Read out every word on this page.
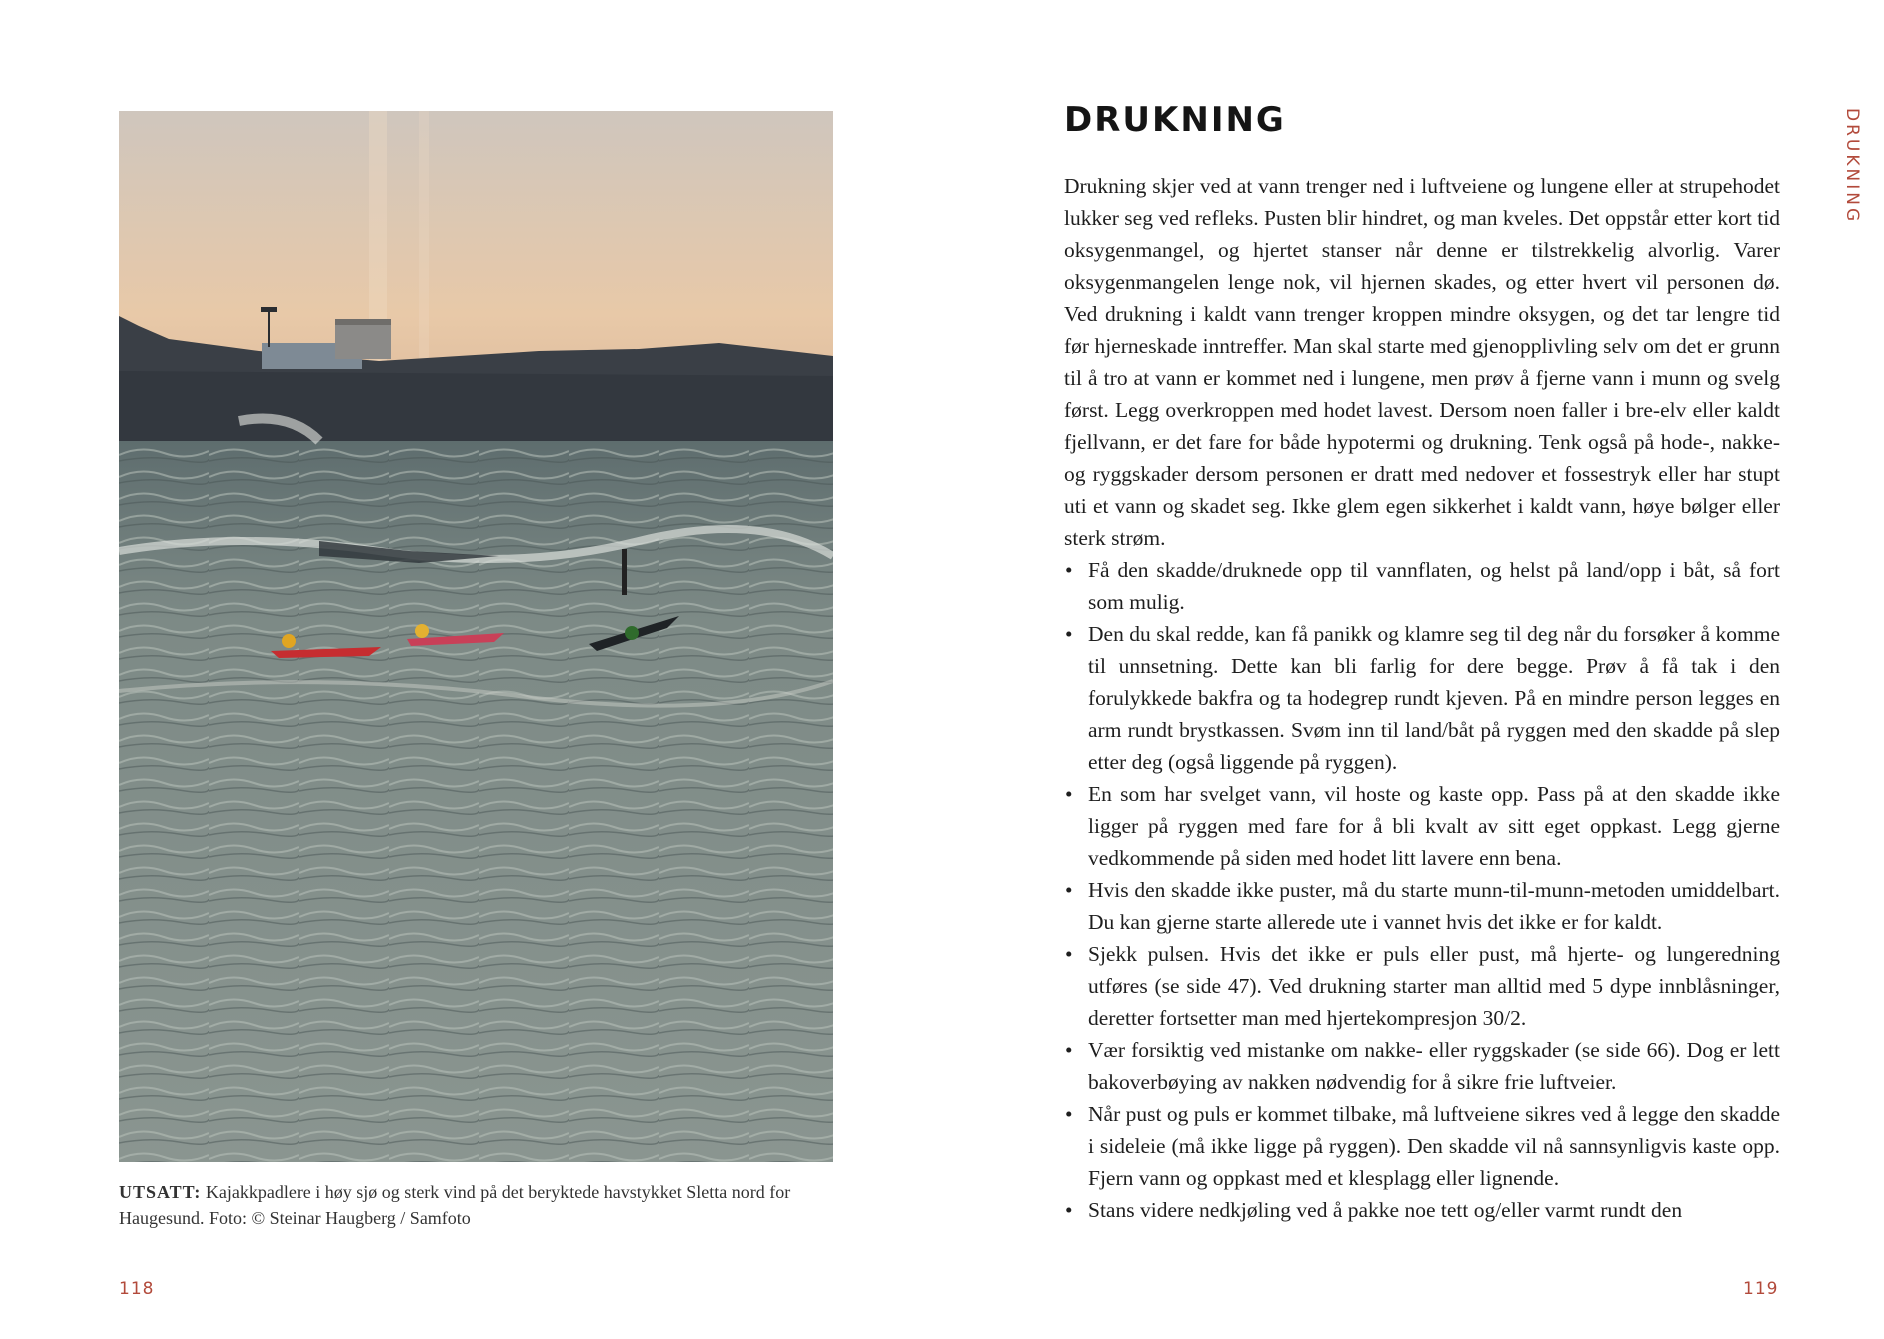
UTSATT: Kajakkpadlere i høy sjø og sterk vind på det beryktede havstykket Sletta nord for Haugesund. Foto: © Steinar Haugberg / Samfoto
118
DRUKNING	DRUKNING

Drukning skjer ved at vann trenger ned i luftveiene og lungene eller at strupehodet lukker seg ved refleks. Pusten blir hindret, og man kveles. Det oppstår etter kort tid oksygenmangel, og hjertet stanser når denne er tilstrekkelig alvorlig. Varer oksygenmangelen lenge nok, vil hjernen skades, og etter hvert vil personen dø. Ved drukning i kaldt vann trenger kroppen mindre oksygen, og det tar lengre tid før hjerneskade inntreffer. Man skal starte med gjenopplivling selv om det er grunn til å tro at vann er kommet ned i lungene, men prøv å fjerne vann i munn og svelg først. Legg overkroppen med hodet lavest. Dersom noen faller i bre-elv eller kaldt fjellvann, er det fare for både hypotermi og drukning. Tenk også på hode-, nakke- og ryggskader dersom personen er dratt med nedover et fossestryk eller har stupt uti et vann og skadet seg. Ikke glem egen sikkerhet i kaldt vann, høye bølger eller sterk strøm.

• Få den skadde/druknede opp til vannflaten, og helst på land/opp i båt, så fort som mulig.
• Den du skal redde, kan få panikk og klamre seg til deg når du forsøker å komme til unnsetning. Dette kan bli farlig for dere begge. Prøv å få tak i den forulykkede bakfra og ta hodegrep rundt kjeven. På en mindre person legges en arm rundt brystkassen. Svøm inn til land/båt på ryggen med den skadde på slep etter deg (også liggende på ryggen).
• En som har svelget vann, vil hoste og kaste opp. Pass på at den skadde ikke ligger på ryggen med fare for å bli kvalt av sitt eget oppkast. Legg gjerne vedkommende på siden med hodet litt lavere enn bena.
• Hvis den skadde ikke puster, må du starte munn-til-munn-metoden umiddelbart. Du kan gjerne starte allerede ute i vannet hvis det ikke er for kaldt.
• Sjekk pulsen. Hvis det ikke er puls eller pust, må hjerte- og lungeredning utføres (se side 47). Ved drukning starter man alltid med 5 dype innblåsninger, deretter fortsetter man med hjertekompresjon 30/2.
• Vær forsiktig ved mistanke om nakke- eller ryggskader (se side 66). Dog er lett bakoverbøying av nakken nødvendig for å sikre frie luftveier.
• Når pust og puls er kommet tilbake, må luftveiene sikres ved å legge den skadde i sideleie (må ikke ligge på ryggen). Den skadde vil nå sannsynligvis kaste opp. Fjern vann og oppkast med et klesplagg eller lignende.
• Stans videre nedkjøling ved å pakke noe tett og/eller varmt rundt den
119
